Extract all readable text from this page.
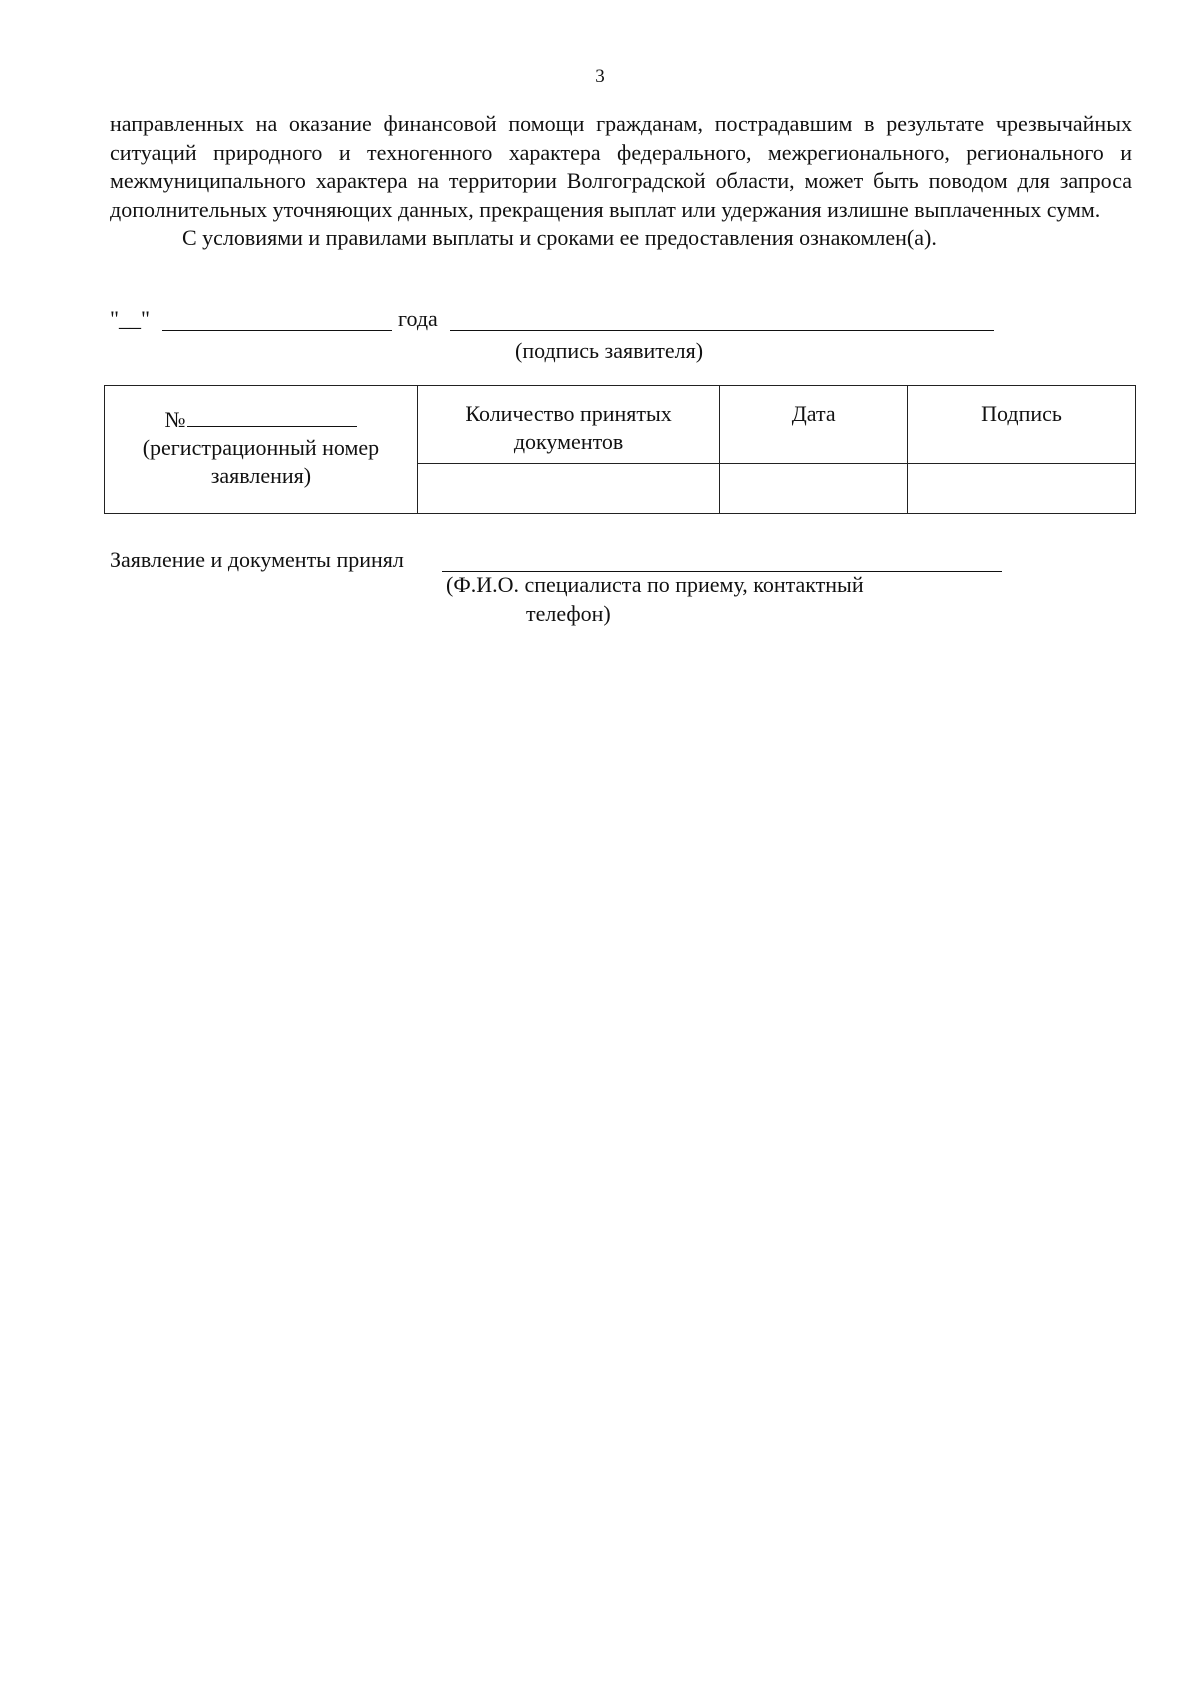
3

направленных на оказание финансовой помощи гражданам, пострадавшим в результате чрезвычайных ситуаций природного и техногенного характера федерального, межрегионального, регионального и межмуниципального характера на территории Волгоградской области, может быть поводом для запроса дополнительных уточняющих данных, прекращения выплат или удержания излишне выплаченных сумм.

С условиями и правилами выплаты и сроками ее предоставления ознакомлен(а).

"__"	года
(подпись заявителя)
№
(регистрационный номер заявления)	Количество принятых документов	Дата	Подпись

Заявление и документы принял
(Ф.И.О. специалиста по приему, контактный
телефон)
